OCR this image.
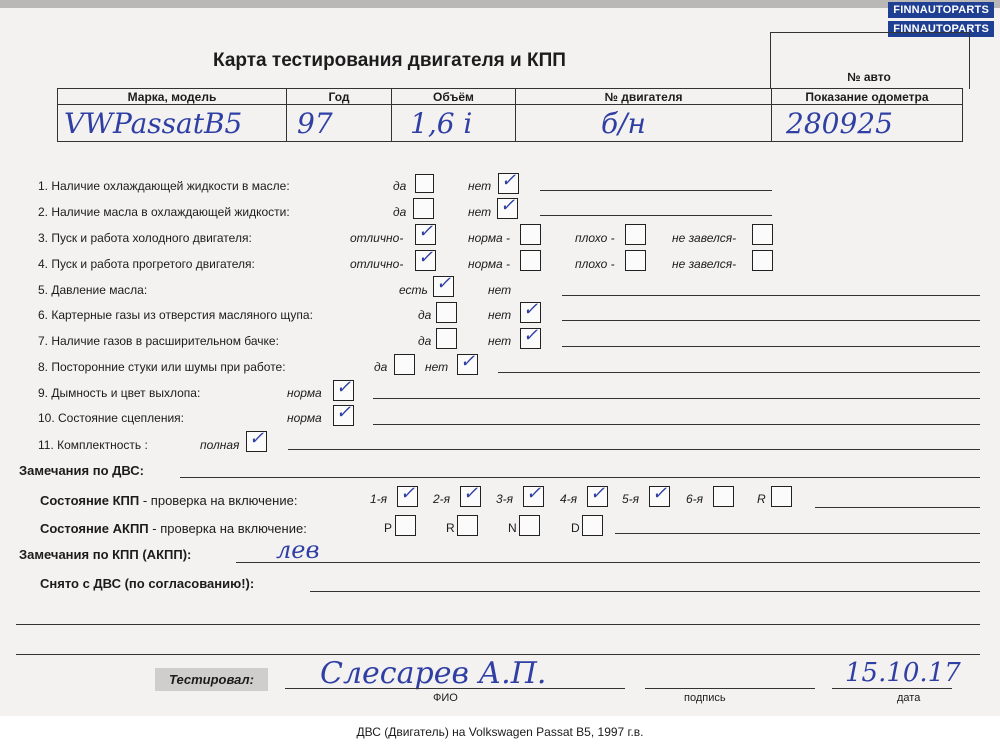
FINNAUTOPARTS
FINNAUTOPARTS
Карта тестирования двигателя и КПП
№ авто
Марка, модель	Год	Объём	№ двигателя	Показание одометра
VWPassatB5	97	1,6 i	б/н	280925
1. Наличие охлаждающей жидкости в масле:	да	нет ✓
2. Наличие масла в охлаждающей жидкости:	да	нет ✓
3. Пуск и работа холодного двигателя:	отлично- ✓	норма -	плохо -	не завелся-
4. Пуск и работа прогретого двигателя:	отлично- ✓	норма -	плохо -	не завелся-
5. Давление масла:	есть ✓	нет
6. Картерные газы из отверстия масляного щупа:	да	нет ✓
7. Наличие газов в расширительном бачке:	да	нет ✓
8. Посторонние стуки или шумы при работе:	да	нет ✓
9. Дымность и цвет выхлопа:	норма ✓
10. Состояние сцепления:	норма ✓
11. Комплектность :	полная ✓
Замечания по ДВС:
Состояние КПП - проверка на включение:	1-я ✓ 2-я ✓ 3-я ✓ 4-я ✓ 5-я ✓ 6-я	R
Состояние АКПП - проверка на включение:	P	R	N	D
Замечания по КПП (АКПП):	лев
Снято с ДВС (по согласованию!):
Тестировал:	Слесарев А.П.
ФИО	подпись
15.10.17
дата
ДВС (Двигатель) на Volkswagen Passat B5, 1997 г.в.
